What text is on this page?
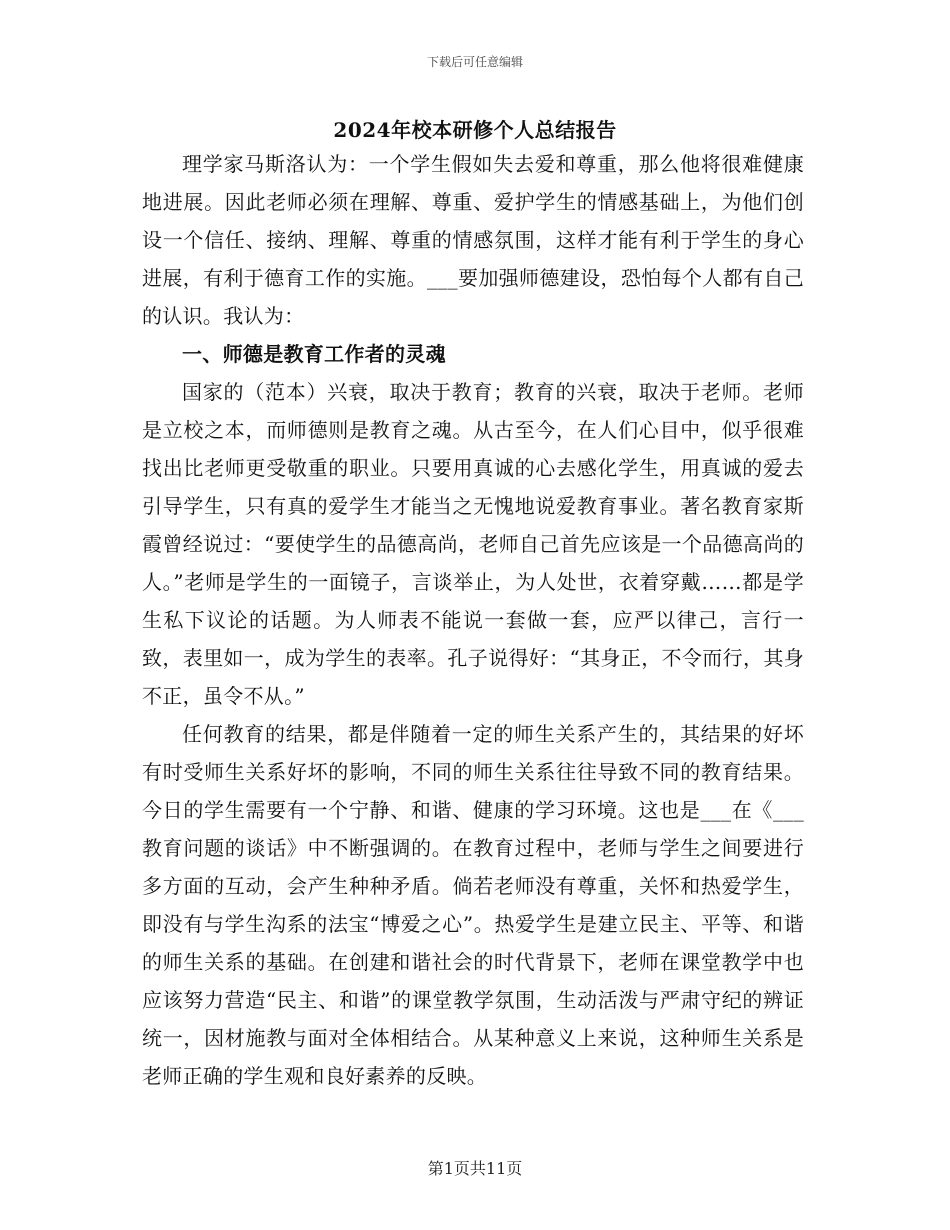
下载后可任意编辑
2024年校本研修个人总结报告

理学家马斯洛认为：一个学生假如失去爱和尊重，那么他将很难健康地进展。因此老师必须在理解、尊重、爱护学生的情感基础上，为他们创设一个信任、接纳、理解、尊重的情感氛围，这样才能有利于学生的身心进展，有利于德育工作的实施。___要加强师德建设，恐怕每个人都有自己的认识。我认为：

一、师德是教育工作者的灵魂

国家的（范本）兴衰，取决于教育；教育的兴衰，取决于老师。老师是立校之本，而师德则是教育之魂。从古至今，在人们心目中，似乎很难找出比老师更受敬重的职业。只要用真诚的心去感化学生，用真诚的爱去引导学生，只有真的爱学生才能当之无愧地说爱教育事业。著名教育家斯霞曾经说过：“要使学生的品德高尚，老师自己首先应该是一个品德高尚的人。”老师是学生的一面镜子，言谈举止，为人处世，衣着穿戴……都是学生私下议论的话题。为人师表不能说一套做一套，应严以律己，言行一致，表里如一，成为学生的表率。孔子说得好：“其身正，不令而行，其身不正，虽令不从。”

任何教育的结果，都是伴随着一定的师生关系产生的，其结果的好坏有时受师生关系好坏的影响，不同的师生关系往往导致不同的教育结果。今日的学生需要有一个宁静、和谐、健康的学习环境。这也是___在《___教育问题的谈话》中不断强调的。在教育过程中，老师与学生之间要进行多方面的互动，会产生种种矛盾。倘若老师没有尊重，关怀和热爱学生，即没有与学生沟系的法宝“博爱之心”。热爱学生是建立民主、平等、和谐的师生关系的基础。在创建和谐社会的时代背景下，老师在课堂教学中也应该努力营造“民主、和谐”的课堂教学氛围，生动活泼与严肃守纪的辨证统一，因材施教与面对全体相结合。从某种意义上来说，这种师生关系是老师正确的学生观和良好素养的反映。

第1页共11页
